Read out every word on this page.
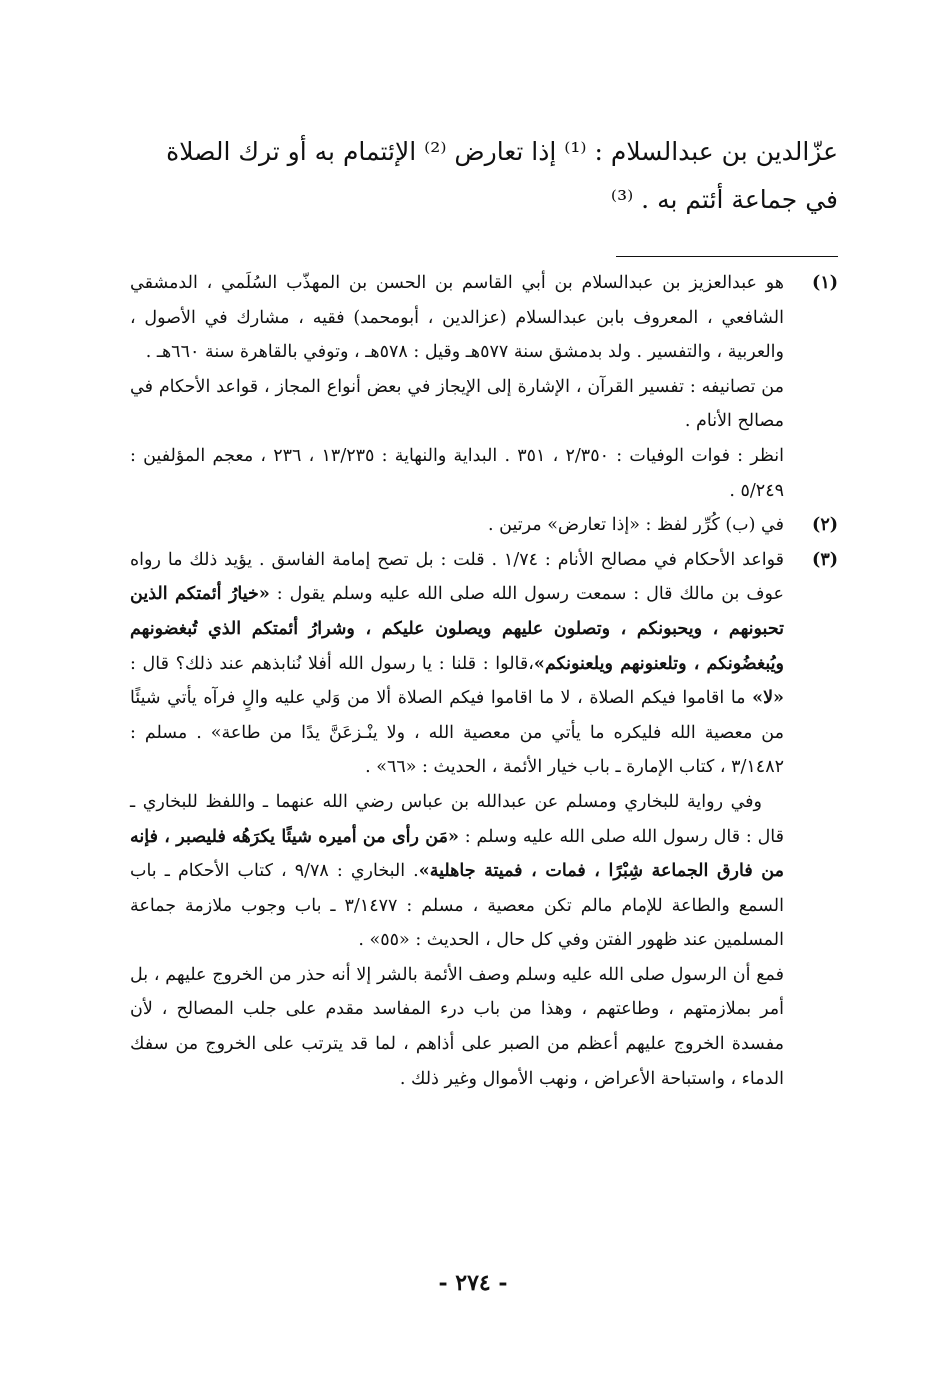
عزّالدين بن عبدالسلام : ⁽¹⁾ إذا تعارض ⁽²⁾ الإئتمام به أو ترك الصلاة

في جماعة أئتم به . ⁽³⁾

(١)

هو عبدالعزيز بن عبدالسلام بن أبي القاسم بن الحسن بن المهذّب السُلَمي ، الدمشقي الشافعي ، المعروف بابن عبدالسلام (عزالدين ، أبومحمد) فقيه ، مشارك في الأصول ، والعربية ، والتفسير . ولد بدمشق سنة ٥٧٧هـ وقيل : ٥٧٨هـ ، وتوفي بالقاهرة سنة ٦٦٠هـ .

من تصانيفه : تفسير القرآن ، الإشارة إلى الإيجاز في بعض أنواع المجاز ، قواعد الأحكام في مصالح الأنام .

انظر : فوات الوفيات : ٢/٣٥٠ ، ٣٥١ . البداية والنهاية : ١٣/٢٣٥ ، ٢٣٦ ، معجم المؤلفين : ٥/٢٤٩ .

(٢)

في (ب) كُرِّر لفظ : «إذا تعارض» مرتين .

(٣)

قواعد الأحكام في مصالح الأنام : ١/٧٤ . قلت : بل تصح إمامة الفاسق . يؤيد ذلك ما رواه عوف بن مالك قال : سمعت رسول الله صلى الله عليه وسلم يقول : «خيارُ أئمتكم الذين تحبونهم ، ويحبونكم ، وتصلون عليهم ويصلون عليكم ، وشرارُ أئمتكم الذي تُبغضونهم ويُبغضُونكم ، وتلعنونهم ويلعنونكم»،قالوا : قلنا : يا رسول الله أفلا نُنابذهم عند ذلك؟ قال : «لا» ما اقاموا فيكم الصلاة ، لا ما اقاموا فيكم الصلاة ألا من وَلي عليه والٍ فرآه يأتي شيئًا من معصية الله فليكره ما يأتي من معصية الله ، ولا ينْـزعَنَّ يدًا من طاعة» . مسلم : ٣/١٤٨٢ ، كتاب الإمارة ـ باب خيار الأئمة ، الحديث : «٦٦» .

وفي رواية للبخاري ومسلم عن عبدالله بن عباس رضي الله عنهما ـ واللفظ للبخاري ـ قال : قال رسول الله صلى الله عليه وسلم : «مَن رأى من أميره شيئًا يكرَهُه فليصبر ، فإنه من فارق الجماعة شِبْرًا ، فمات ، فميتة جاهلية». البخاري : ٩/٧٨ ، كتاب الأحكام ـ باب السمع والطاعة للإمام مالم تكن معصية ، مسلم : ٣/١٤٧٧ ـ باب وجوب ملازمة جماعة المسلمين عند ظهور الفتن وفي كل حال ، الحديث : «٥٥» .

فمع أن الرسول صلى الله عليه وسلم وصف الأئمة بالشر إلا أنه حذر من الخروج عليهم ، بل أمر بملازمتهم ، وطاعتهم ، وهذا من باب درء المفاسد مقدم على جلب المصالح ، لأن مفسدة الخروج عليهم أعظم من الصبر على أذاهم ، لما قد يترتب على الخروج من سفك الدماء ، واستباحة الأعراض ، ونهب الأموال وغير ذلك .

- ٢٧٤ -
